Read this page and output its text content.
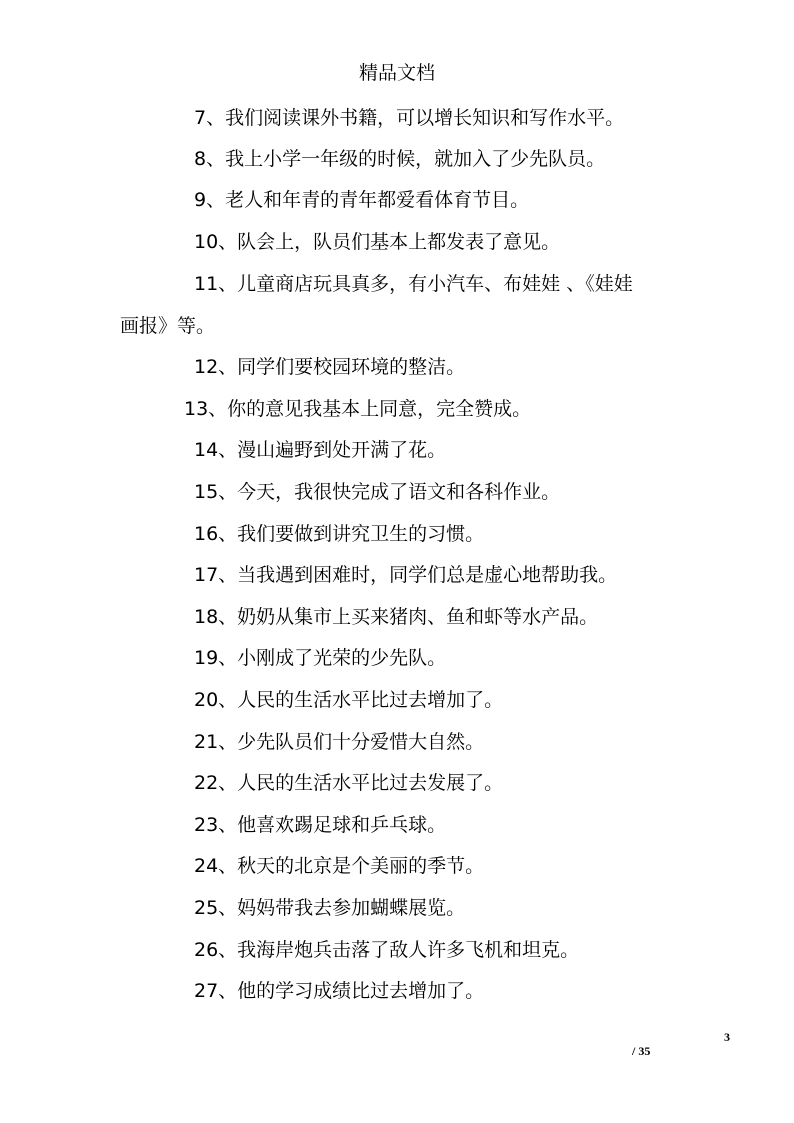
精品文档
7、我们阅读课外书籍，可以增长知识和写作水平。
8、我上小学一年级的时候，就加入了少先队员。
9、老人和年青的青年都爱看体育节目。
10、队会上，队员们基本上都发表了意见。
11、儿童商店玩具真多，有小汽车、布娃娃 、《娃娃
画报》等。
12、同学们要校园环境的整洁。
13、你的意见我基本上同意，完全赞成。
14、漫山遍野到处开满了花。
15、今天，我很快完成了语文和各科作业。
16、我们要做到讲究卫生的习惯。
17、当我遇到困难时，同学们总是虚心地帮助我。
18、奶奶从集市上买来猪肉、鱼和虾等水产品。
19、小刚成了光荣的少先队。
20、人民的生活水平比过去增加了。
21、少先队员们十分爱惜大自然。
22、人民的生活水平比过去发展了。
23、他喜欢踢足球和乒乓球。
24、秋天的北京是个美丽的季节。
25、妈妈带我去参加蝴蝶展览。
26、我海岸炮兵击落了敌人许多飞机和坦克。
27、他的学习成绩比过去增加了。
3
/ 35
